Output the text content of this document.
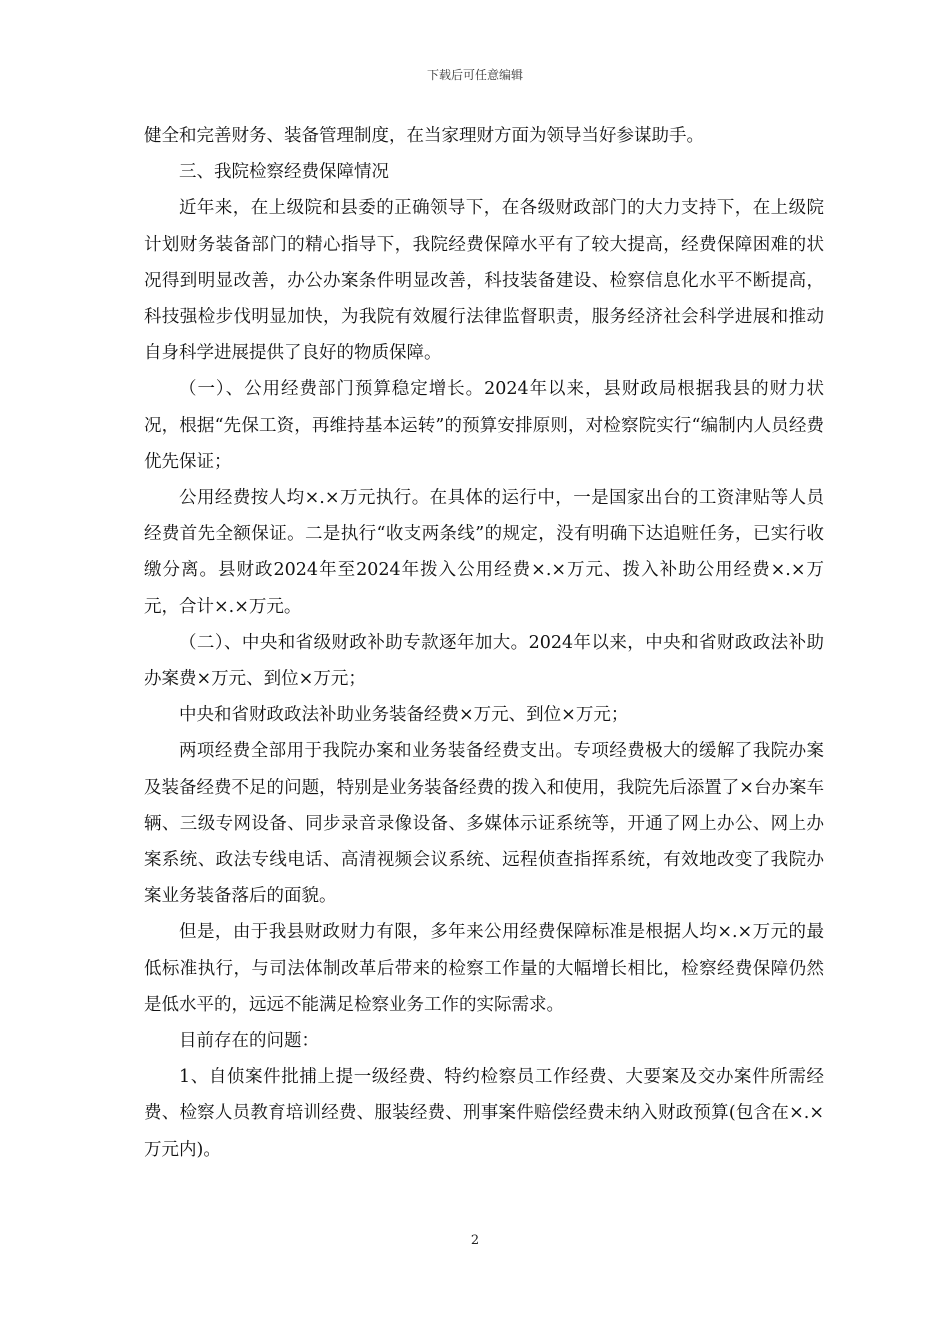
下载后可任意编辑

健全和完善财务、装备管理制度，在当家理财方面为领导当好参谋助手。

三、我院检察经费保障情况

近年来，在上级院和县委的正确领导下，在各级财政部门的大力支持下，在上级院计划财务装备部门的精心指导下，我院经费保障水平有了较大提高，经费保障困难的状况得到明显改善，办公办案条件明显改善，科技装备建设、检察信息化水平不断提高，科技强检步伐明显加快，为我院有效履行法律监督职责，服务经济社会科学进展和推动自身科学进展提供了良好的物质保障。

（一）、公用经费部门预算稳定增长。2024年以来，县财政局根据我县的财力状况，根据“先保工资，再维持基本运转”的预算安排原则，对检察院实行“编制内人员经费优先保证；

公用经费按人均×.×万元执行。在具体的运行中，一是国家出台的工资津贴等人员经费首先全额保证。二是执行“收支两条线”的规定，没有明确下达追赃任务，已实行收缴分离。县财政2024年至2024年拨入公用经费×.×万元、拨入补助公用经费×.×万元，合计×.×万元。

（二）、中央和省级财政补助专款逐年加大。2024年以来，中央和省财政政法补助办案费×万元、到位×万元；

中央和省财政政法补助业务装备经费×万元、到位×万元；

两项经费全部用于我院办案和业务装备经费支出。专项经费极大的缓解了我院办案及装备经费不足的问题，特别是业务装备经费的拨入和使用，我院先后添置了×台办案车辆、三级专网设备、同步录音录像设备、多媒体示证系统等，开通了网上办公、网上办案系统、政法专线电话、高清视频会议系统、远程侦查指挥系统，有效地改变了我院办案业务装备落后的面貌。

但是，由于我县财政财力有限，多年来公用经费保障标准是根据人均×.×万元的最低标准执行，与司法体制改革后带来的检察工作量的大幅增长相比，检察经费保障仍然是低水平的，远远不能满足检察业务工作的实际需求。

目前存在的问题：

1、自侦案件批捕上提一级经费、特约检察员工作经费、大要案及交办案件所需经费、检察人员教育培训经费、服装经费、刑事案件赔偿经费未纳入财政预算(包含在×.×万元内)。

2
